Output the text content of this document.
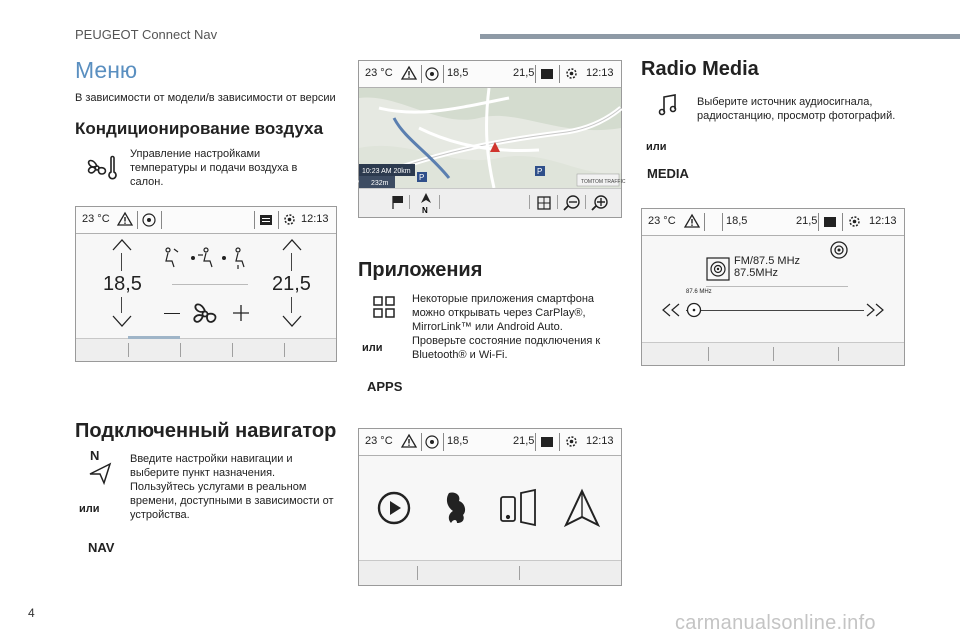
PEUGEOT Connect Nav
Меню
В зависимости от модели/в зависимости от версии
Кондиционирование воздуха
Управление настройками температуры и подачи воздуха в салон.
23 °C	12:13
18,5	21,5
Подключенный навигатор
N	Введите настройки навигации и выберите пункт назначения. Пользуйтесь услугами в реальном времени, доступными в зависимости от устройства.
или
NAV
23 °C	18,5	21,5	12:13
10:23 AM 20km
232m
P
P
TOMTOM TRAFFIC
N
Приложения
Некоторые приложения смартфона можно открывать через CarPlay®, MirrorLink™ или Android Auto.
Проверьте состояние подключения к Bluetooth® и Wi-Fi.
или
APPS
23 °C	18,5	21,5	12:13
Radio Media
Выберите источник аудиосигнала, радиостанцию, просмотр фотографий.
или
MEDIA
23 °C	18,5	21,5	12:13
FM/87.5 MHz
87.5MHz
87.6 MHz
4	carmanualsonline.info
